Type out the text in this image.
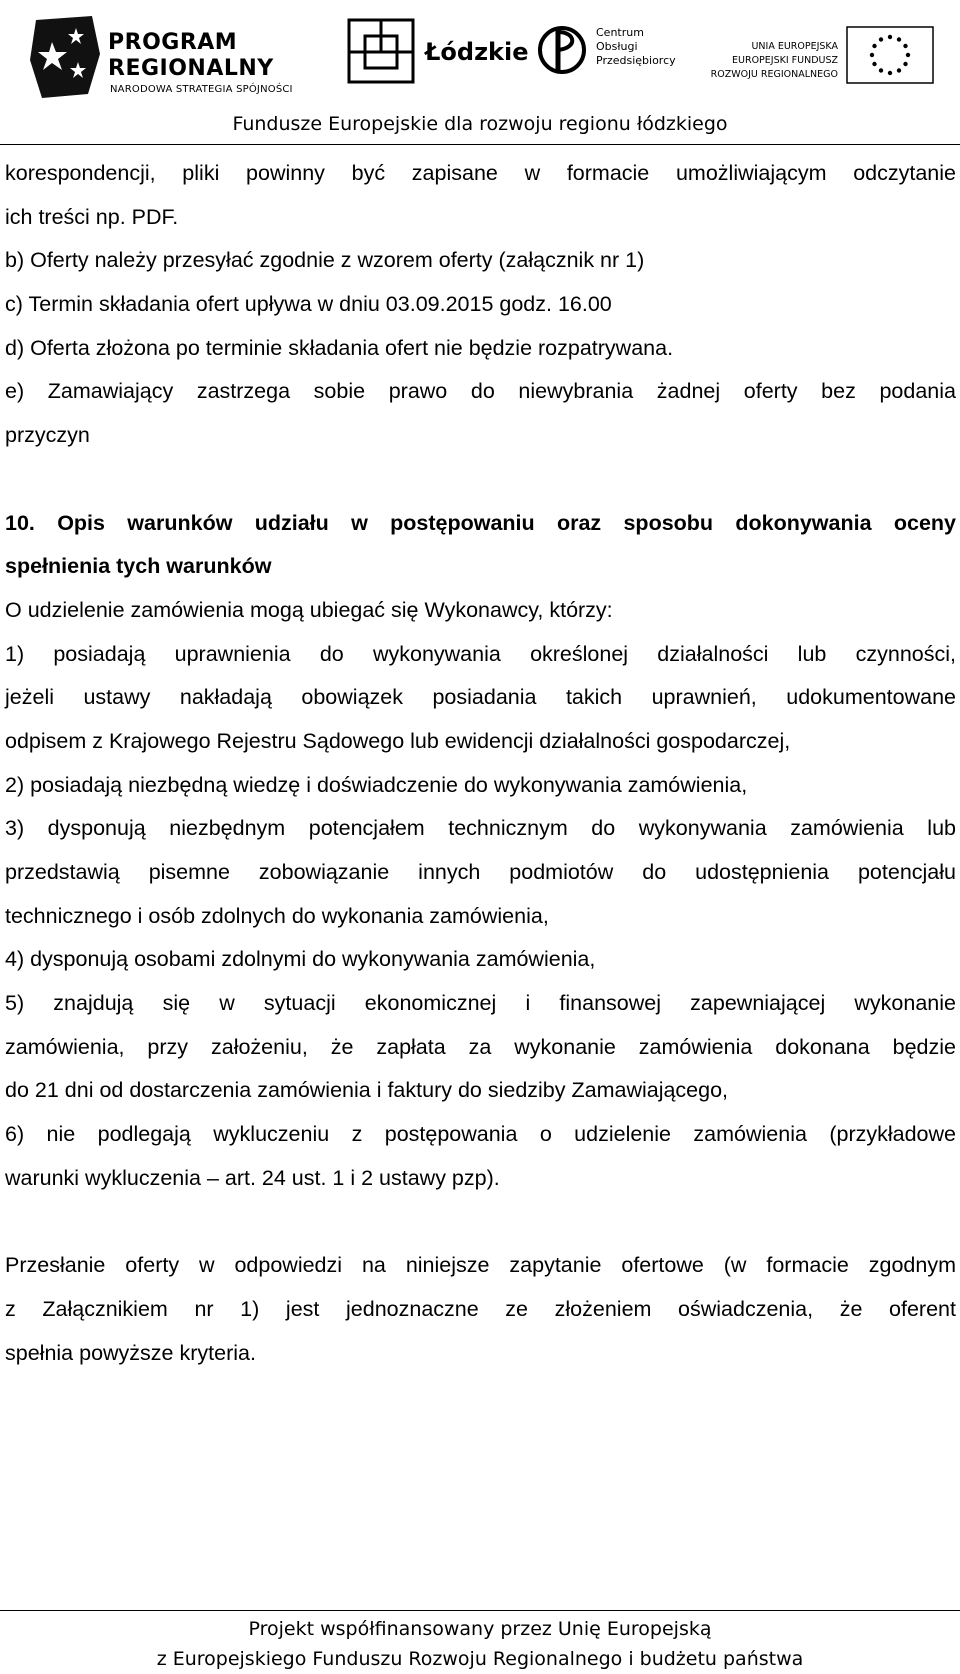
PROGRAM
REGIONALNY
NARODOWA STRATEGIA SPÓJNOŚCI
Łódzkie
Centrum
Obsługi
Przedsiębiorcy
UNIA EUROPEJSKA
EUROPEJSKI FUNDUSZ
ROZWOJU REGIONALNEGO
Fundusze Europejskie dla rozwoju regionu łódzkiego
korespondencji, pliki powinny być zapisane w formacie umożliwiającym odczytanie
ich treści np. PDF.
b) Oferty należy przesyłać zgodnie z wzorem oferty (załącznik nr 1)
c) Termin składania ofert upływa w dniu 03.09.2015 godz. 16.00
d) Oferta złożona po terminie składania ofert nie będzie rozpatrywana.
e) Zamawiający zastrzega sobie prawo do niewybrania żadnej oferty bez podania
przyczyn
10. Opis warunków udziału w postępowaniu oraz sposobu dokonywania oceny
spełnienia tych warunków
O udzielenie zamówienia mogą ubiegać się Wykonawcy, którzy:
1) posiadają uprawnienia do wykonywania określonej działalności lub czynności,
jeżeli ustawy nakładają obowiązek posiadania takich uprawnień, udokumentowane
odpisem z Krajowego Rejestru Sądowego lub ewidencji działalności gospodarczej,
2) posiadają niezbędną wiedzę i doświadczenie do wykonywania zamówienia,
3) dysponują niezbędnym potencjałem technicznym do wykonywania zamówienia lub
przedstawią pisemne zobowiązanie innych podmiotów do udostępnienia potencjału
technicznego i osób zdolnych do wykonania zamówienia,
4) dysponują osobami zdolnymi do wykonywania zamówienia,
5) znajdują się w sytuacji ekonomicznej i finansowej zapewniającej wykonanie
zamówienia, przy założeniu, że zapłata za wykonanie zamówienia dokonana będzie
do 21 dni od dostarczenia zamówienia i faktury do siedziby Zamawiającego,
6) nie podlegają wykluczeniu z postępowania o udzielenie zamówienia (przykładowe
warunki wykluczenia – art. 24 ust. 1 i 2 ustawy pzp).
Przesłanie oferty w odpowiedzi na niniejsze zapytanie ofertowe (w formacie zgodnym
z Załącznikiem nr 1) jest jednoznaczne ze złożeniem oświadczenia, że oferent
spełnia powyższe kryteria.
Projekt współfinansowany przez Unię Europejską
z Europejskiego Funduszu Rozwoju Regionalnego i budżetu państwa
